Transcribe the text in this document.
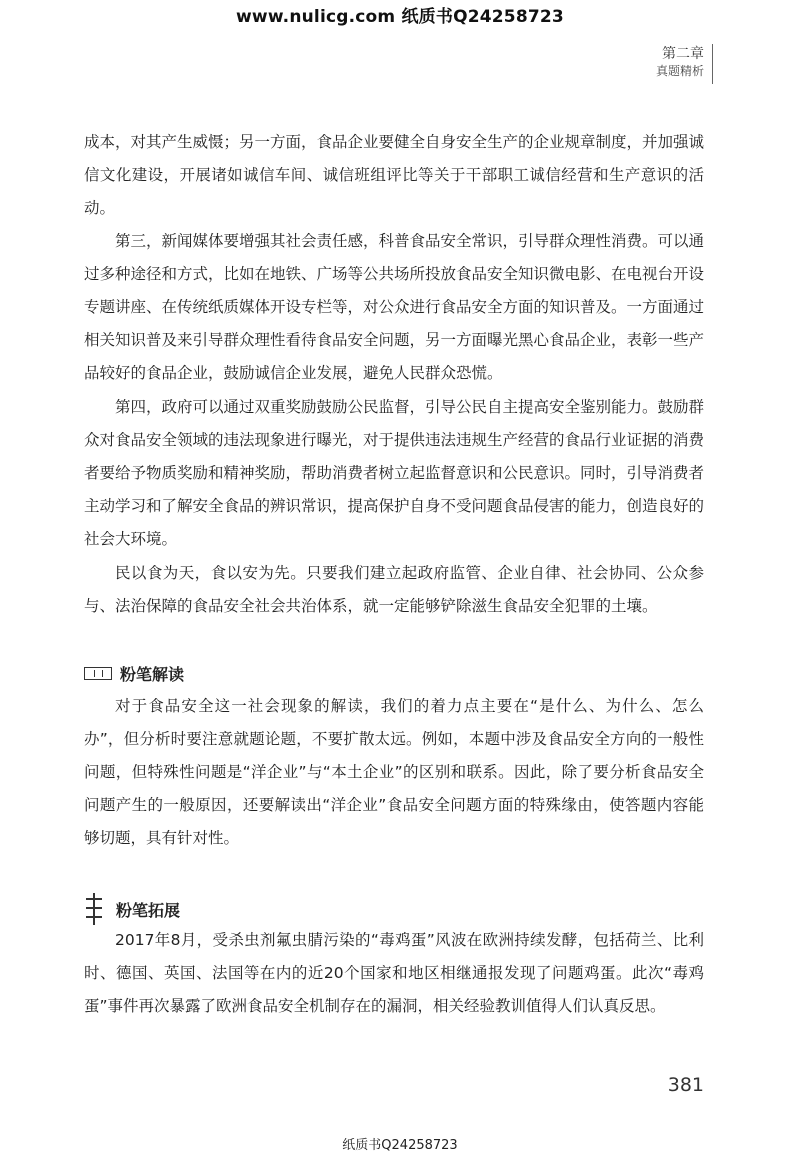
www.nulicg.com 纸质书Q24258723
第二章
真题精析

成本，对其产生威慑；另一方面，食品企业要健全自身安全生产的企业规章制度，并加强诚信文化建设，开展诸如诚信车间、诚信班组评比等关于干部职工诚信经营和生产意识的活动。

第三，新闻媒体要增强其社会责任感，科普食品安全常识，引导群众理性消费。可以通过多种途径和方式，比如在地铁、广场等公共场所投放食品安全知识微电影、在电视台开设专题讲座、在传统纸质媒体开设专栏等，对公众进行食品安全方面的知识普及。一方面通过相关知识普及来引导群众理性看待食品安全问题，另一方面曝光黑心食品企业，表彰一些产品较好的食品企业，鼓励诚信企业发展，避免人民群众恐慌。

第四，政府可以通过双重奖励鼓励公民监督，引导公民自主提高安全鉴别能力。鼓励群众对食品安全领域的违法现象进行曝光，对于提供违法违规生产经营的食品行业证据的消费者要给予物质奖励和精神奖励，帮助消费者树立起监督意识和公民意识。同时，引导消费者主动学习和了解安全食品的辨识常识，提高保护自身不受问题食品侵害的能力，创造良好的社会大环境。

民以食为天，食以安为先。只要我们建立起政府监管、企业自律、社会协同、公众参与、法治保障的食品安全社会共治体系，就一定能够铲除滋生食品安全犯罪的土壤。

粉笔解读

对于食品安全这一社会现象的解读，我们的着力点主要在“是什么、为什么、怎么办”，但分析时要注意就题论题，不要扩散太远。例如，本题中涉及食品安全方向的一般性问题，但特殊性问题是“洋企业”与“本土企业”的区别和联系。因此，除了要分析食品安全问题产生的一般原因，还要解读出“洋企业”食品安全问题方面的特殊缘由，使答题内容能够切题，具有针对性。

粉笔拓展

2017年8月，受杀虫剂氟虫腈污染的“毒鸡蛋”风波在欧洲持续发酵，包括荷兰、比利时、德国、英国、法国等在内的近20个国家和地区相继通报发现了问题鸡蛋。此次“毒鸡蛋”事件再次暴露了欧洲食品安全机制存在的漏洞，相关经验教训值得人们认真反思。

381
纸质书Q24258723
